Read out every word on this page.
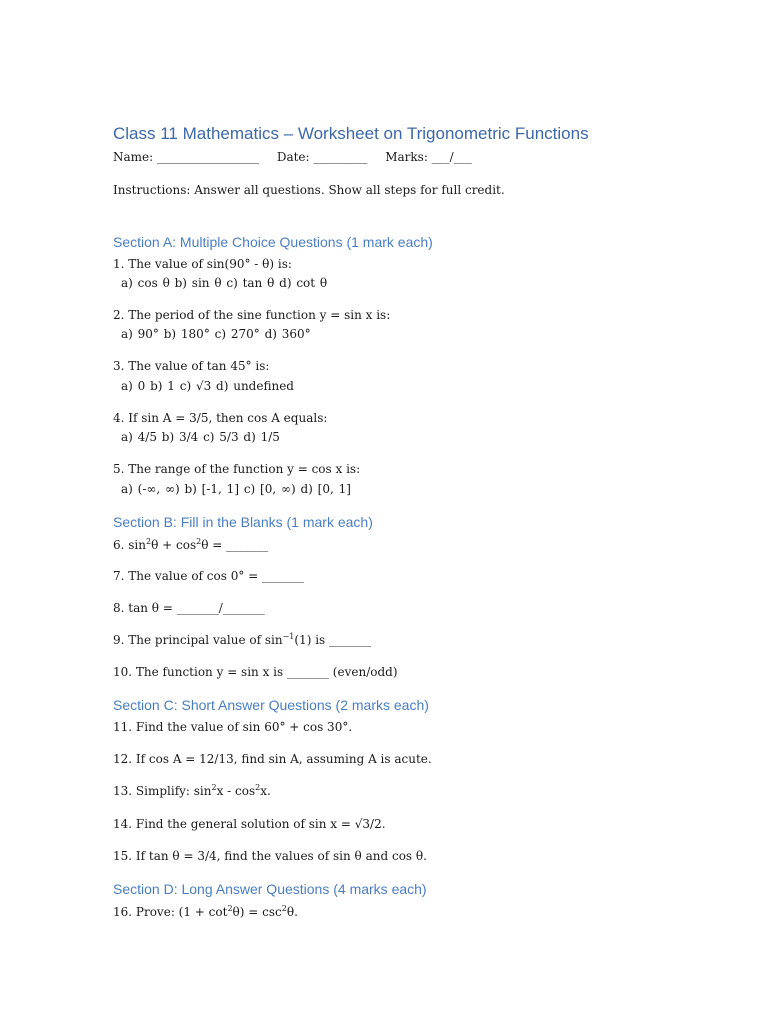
Class 11 Mathematics – Worksheet on Trigonometric Functions
Name: _________________ Date: _________ Marks: ___/___
Instructions: Answer all questions. Show all steps for full credit.
Section A: Multiple Choice Questions (1 mark each)
1. The value of sin(90° - θ) is:
a) cos θ b) sin θ c) tan θ d) cot θ
2. The period of the sine function y = sin x is:
a) 90° b) 180° c) 270° d) 360°
3. The value of tan 45° is:
a) 0 b) 1 c) √3 d) undefined
4. If sin A = 3/5, then cos A equals:
a) 4/5 b) 3/4 c) 5/3 d) 1/5
5. The range of the function y = cos x is:
a) (-∞, ∞) b) [-1, 1] c) [0, ∞) d) [0, 1]
Section B: Fill in the Blanks (1 mark each)
6. $\sin^2\theta + \cos^2\theta$ = _______
7. The value of cos 0° = _______
8. tan θ = _______/_______
9. The principal value of $\sin^{-1}(1)$ is _______
10. The function y = sin x is _______ (even/odd)
Section C: Short Answer Questions (2 marks each)
11. Find the value of sin 60° + cos 30°.
12. If cos A = 12/13, find sin A, assuming A is acute.
13. Simplify: $\sin^2x - \cos^2x$.
14. Find the general solution of sin x = √3/2.
15. If tan θ = 3/4, find the values of sin θ and cos θ.
Section D: Long Answer Questions (4 marks each)
16. Prove: $(1 + \cot^2\theta) = \csc^2\theta$.
